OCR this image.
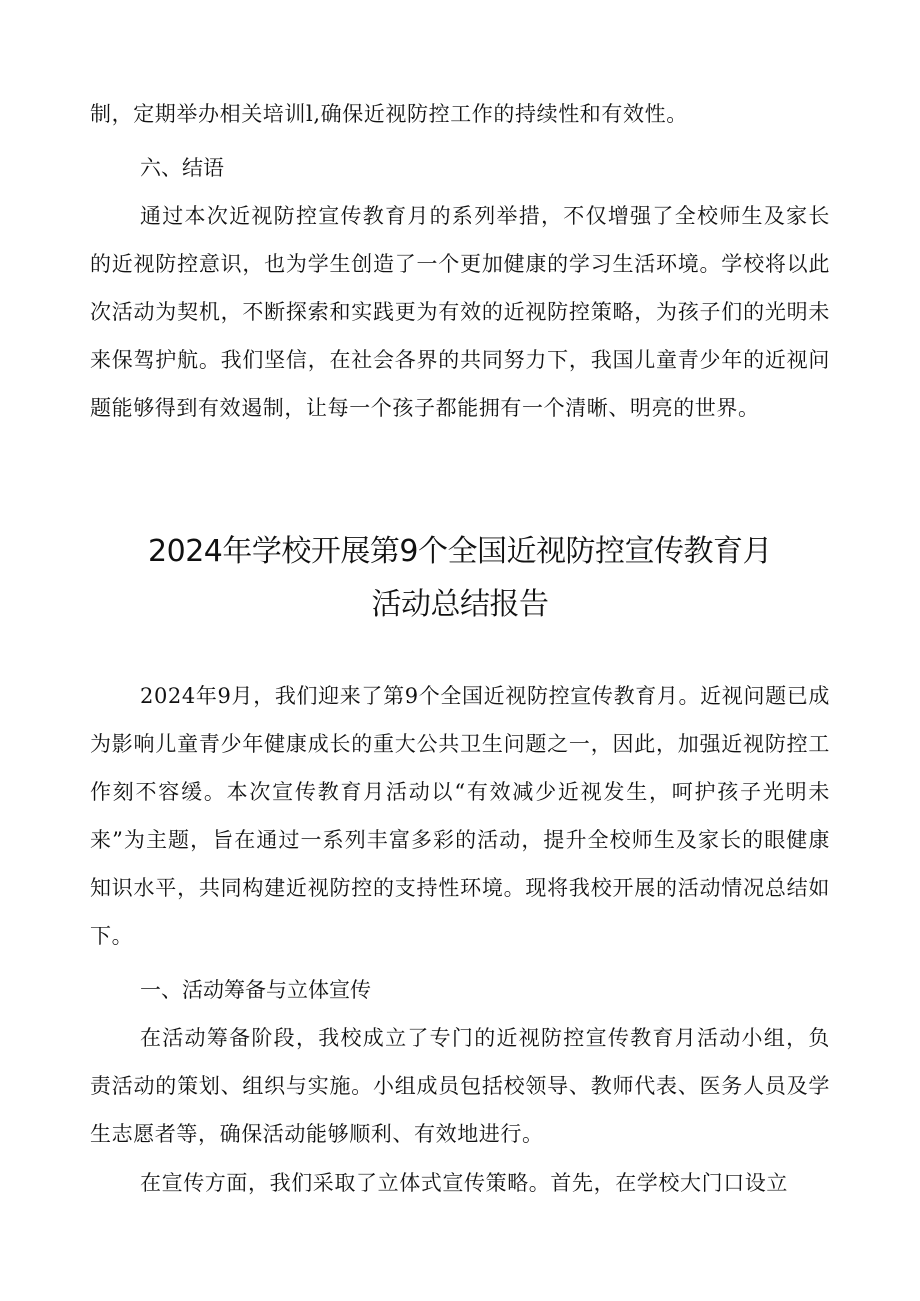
制，定期举办相关培训l,确保近视防控工作的持续性和有效性。

六、结语

通过本次近视防控宣传教育月的系列举措，不仅增强了全校师生及家长的近视防控意识，也为学生创造了一个更加健康的学习生活环境。学校将以此次活动为契机，不断探索和实践更为有效的近视防控策略，为孩子们的光明未来保驾护航。我们坚信，在社会各界的共同努力下，我国儿童青少年的近视问题能够得到有效遏制，让每一个孩子都能拥有一个清晰、明亮的世界。

2024年学校开展第9个全国近视防控宣传教育月
活动总结报告

2024年9月，我们迎来了第9个全国近视防控宣传教育月。近视问题已成为影响儿童青少年健康成长的重大公共卫生问题之一，因此，加强近视防控工作刻不容缓。本次宣传教育月活动以“有效减少近视发生，呵护孩子光明未来”为主题，旨在通过一系列丰富多彩的活动，提升全校师生及家长的眼健康知识水平，共同构建近视防控的支持性环境。现将我校开展的活动情况总结如下。

一、活动筹备与立体宣传

在活动筹备阶段，我校成立了专门的近视防控宣传教育月活动小组，负责活动的策划、组织与实施。小组成员包括校领导、教师代表、医务人员及学生志愿者等，确保活动能够顺利、有效地进行。

在宣传方面，我们采取了立体式宣传策略。首先，在学校大门口设立
